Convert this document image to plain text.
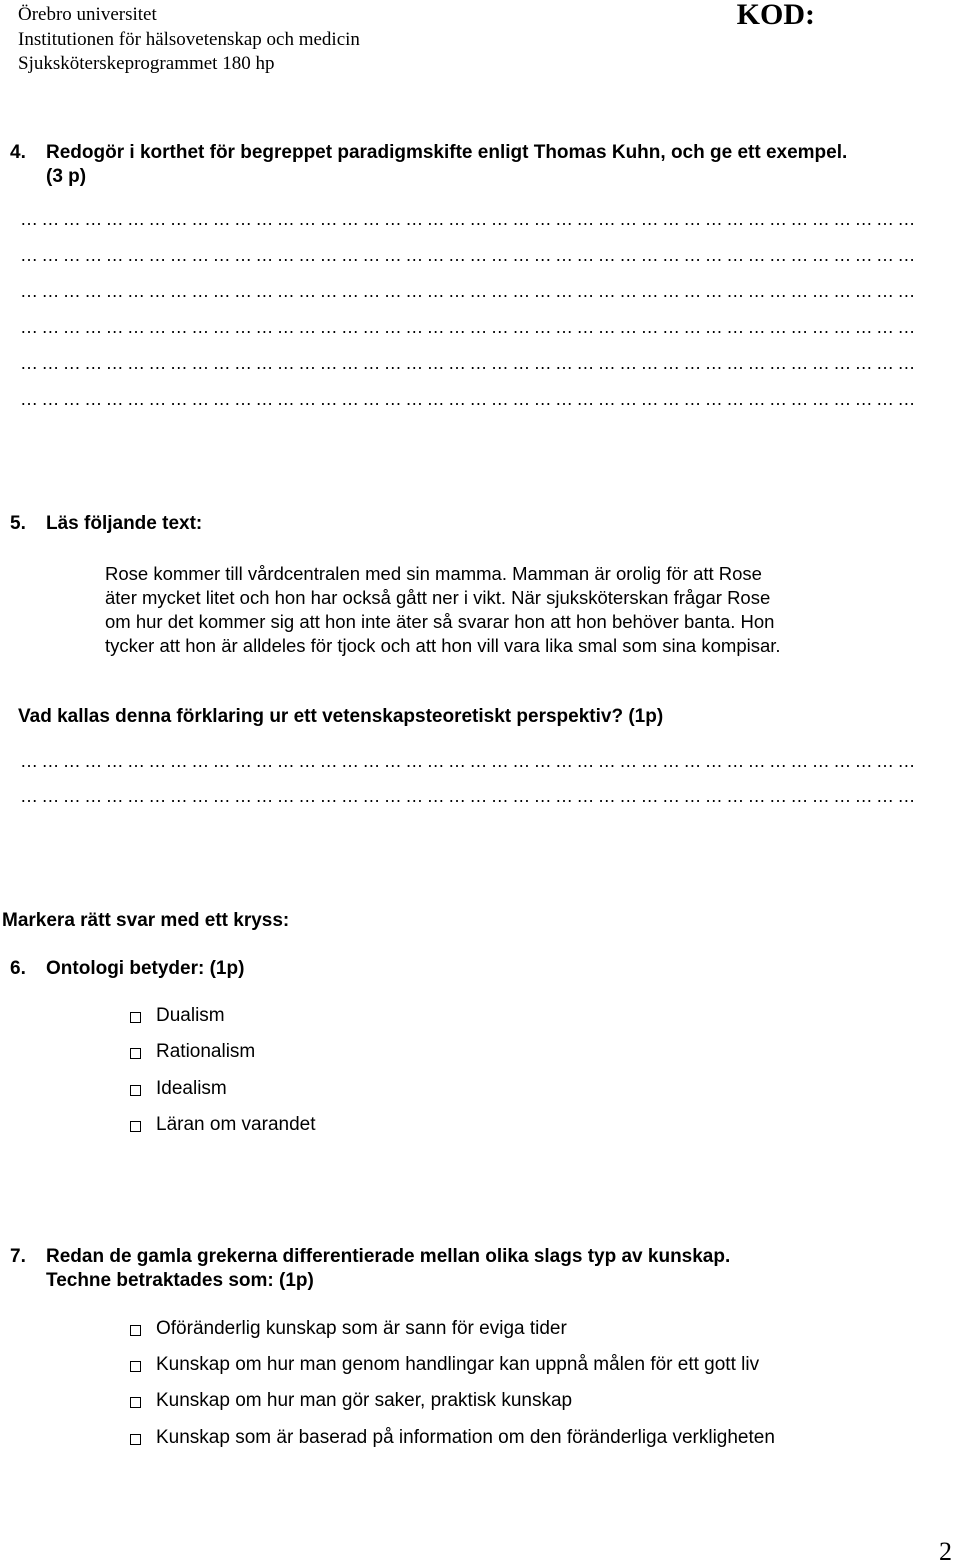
Örebro universitet
Institutionen för hälsovetenskap och medicin
Sjuksköterskeprogrammet 180 hp
KOD:
4. Redogör i korthet för begreppet paradigmskifte enligt Thomas Kuhn, och ge ett exempel.
(3 p)
………………………………………………………………………………………………………………
………………………………………………………………………………………………………………
………………………………………………………………………………………………………………
………………………………………………………………………………………………………………
………………………………………………………………………………………………………………
………………………………………………………………………………………………………………
5. Läs följande text:
Rose kommer till vårdcentralen med sin mamma. Mamman är orolig för att Rose
äter mycket litet och hon har också gått ner i vikt. När sjuksköterskan frågar Rose
om hur det kommer sig att hon inte äter så svarar hon att hon behöver banta. Hon
tycker att hon är alldeles för tjock och att hon vill vara lika smal som sina kompisar.
Vad kallas denna förklaring ur ett vetenskapsteoretiskt perspektiv? (1p)
………………………………………………………………………………………………………………
………………………………………………………………………………………………………………
Markera rätt svar med ett kryss:
6. Ontologi betyder: (1p)
Dualism
Rationalism
Idealism
Läran om varandet
7. Redan de gamla grekerna differentierade mellan olika slags typ av kunskap.
Techne betraktades som: (1p)
Oföränderlig kunskap som är sann för eviga tider
Kunskap om hur man genom handlingar kan uppnå målen för ett gott liv
Kunskap om hur man gör saker, praktisk kunskap
Kunskap som är baserad på information om den föränderliga verkligheten
2
